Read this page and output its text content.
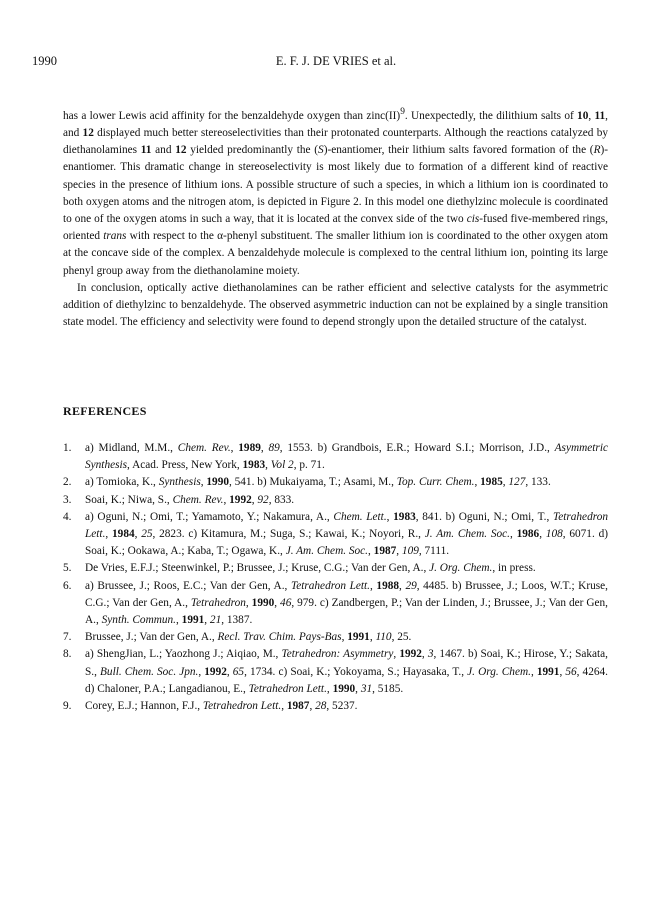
1990	E. F. J. DE VRIES et al.

has a lower Lewis acid affinity for the benzaldehyde oxygen than zinc(II)$^9$. Unexpectedly, the dilithium salts of 10, 11, and 12 displayed much better stereoselectivities than their protonated counterparts. Although the reactions catalyzed by diethanolamines 11 and 12 yielded predominantly the (S)-enantiomer, their lithium salts favored formation of the (R)-enantiomer. This dramatic change in stereoselectivity is most likely due to formation of a different kind of reactive species in the presence of lithium ions. A possible structure of such a species, in which a lithium ion is coordinated to both oxygen atoms and the nitrogen atom, is depicted in Figure 2. In this model one diethylzinc molecule is coordinated to one of the oxygen atoms in such a way, that it is located at the convex side of the two cis-fused five-membered rings, oriented trans with respect to the α-phenyl substituent. The smaller lithium ion is coordinated to the other oxygen atom at the concave side of the complex. A benzaldehyde molecule is complexed to the central lithium ion, pointing its large phenyl group away from the diethanolamine moiety.

In conclusion, optically active diethanolamines can be rather efficient and selective catalysts for the asymmetric addition of diethylzinc to benzaldehyde. The observed asymmetric induction can not be explained by a single transition state model. The efficiency and selectivity were found to depend strongly upon the detailed structure of the catalyst.

REFERENCES
1. a) Midland, M.M., Chem. Rev., 1989, 89, 1553. b) Grandbois, E.R.; Howard S.I.; Morrison, J.D., Asymmetric Synthesis, Acad. Press, New York, 1983, Vol 2, p. 71.
2. a) Tomioka, K., Synthesis, 1990, 541. b) Mukaiyama, T.; Asami, M., Top. Curr. Chem., 1985, 127, 133.
3. Soai, K.; Niwa, S., Chem. Rev., 1992, 92, 833.
4. a) Oguni, N.; Omi, T.; Yamamoto, Y.; Nakamura, A., Chem. Lett., 1983, 841. b) Oguni, N.; Omi, T., Tetrahedron Lett., 1984, 25, 2823. c) Kitamura, M.; Suga, S.; Kawai, K.; Noyori, R., J. Am. Chem. Soc., 1986, 108, 6071. d) Soai, K.; Ookawa, A.; Kaba, T.; Ogawa, K., J. Am. Chem. Soc., 1987, 109, 7111.
5. De Vries, E.F.J.; Steenwinkel, P.; Brussee, J.; Kruse, C.G.; Van der Gen, A., J. Org. Chem., in press.
6. a) Brussee, J.; Roos, E.C.; Van der Gen, A., Tetrahedron Lett., 1988, 29, 4485. b) Brussee, J.; Loos, W.T.; Kruse, C.G.; Van der Gen, A., Tetrahedron, 1990, 46, 979. c) Zandbergen, P.; Van der Linden, J.; Brussee, J.; Van der Gen, A., Synth. Commun., 1991, 21, 1387.
7. Brussee, J.; Van der Gen, A., Recl. Trav. Chim. Pays-Bas, 1991, 110, 25.
8. a) ShengJian, L.; Yaozhong J.; Aiqiao, M., Tetrahedron: Asymmetry, 1992, 3, 1467. b) Soai, K.; Hirose, Y.; Sakata, S., Bull. Chem. Soc. Jpn., 1992, 65, 1734. c) Soai, K.; Yokoyama, S.; Hayasaka, T., J. Org. Chem., 1991, 56, 4264. d) Chaloner, P.A.; Langadianou, E., Tetrahedron Lett., 1990, 31, 5185.
9. Corey, E.J.; Hannon, F.J., Tetrahedron Lett., 1987, 28, 5237.
